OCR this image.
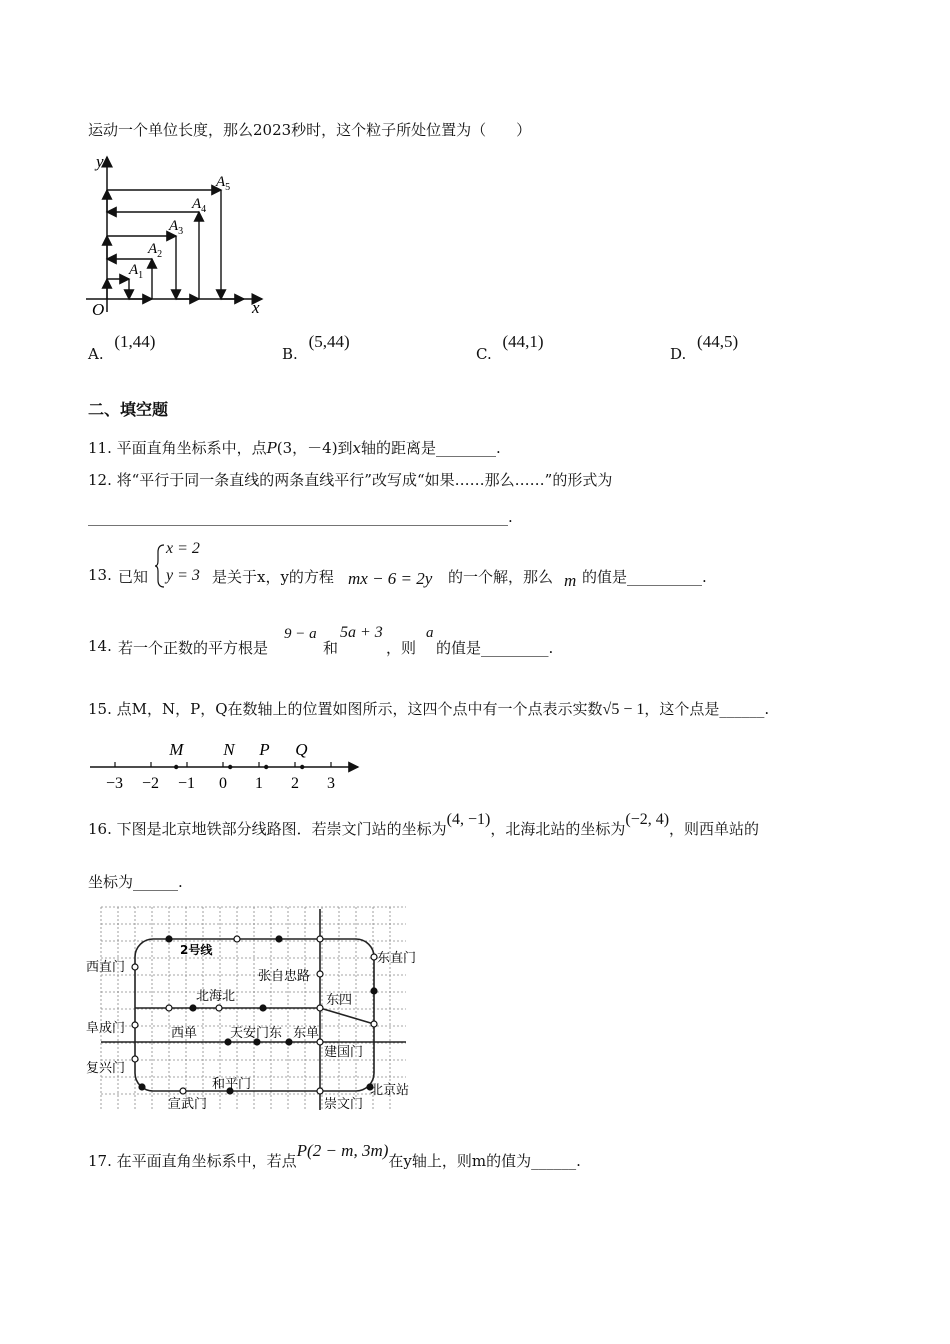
运动一个单位长度，那么2023秒时，这个粒子所处位置为（　　）
y
x
O
$A_1$
$A_2$
$A_3$
$A_4$
$A_5$
A. (1,44)
B. (5,44)
C. (44,1)
D. (44,5)
二、填空题
11. 平面直角坐标系中，点P(3，－4)到x轴的距离是________.
12. 将“平行于同一条直线的两条直线平行”改写成“如果……那么……”的形式为
________________________________________________________.
13. 已知
x = 2
y = 3 是关于x，y的方程 mx − 6 = 2y 的一个解，那么 m 的值是__________.
14. 若一个正数的平方根是
9 − a
和
5a + 3
，则
a
的值是_________.
15. 点M，N，P，Q在数轴上的位置如图所示，这四个点中有一个点表示实数√5 − 1，这个点是______.
−3 −2 −1 0 1 2 3
M N P Q
16. 下图是北京地铁部分线路图．若崇文门站的坐标为(4, −1)，北海北站的坐标为(−2, 4)，则西单站的
坐标为______.
2号线
东直门
西直门
张自忠路
北海北	东四
阜成门	西单	天安门东 东单
建国门
复兴门
和平门	北京站
宣武门	崇文门
17. 在平面直角坐标系中，若点P(2 − m, 3m)在y轴上，则m的值为______.
